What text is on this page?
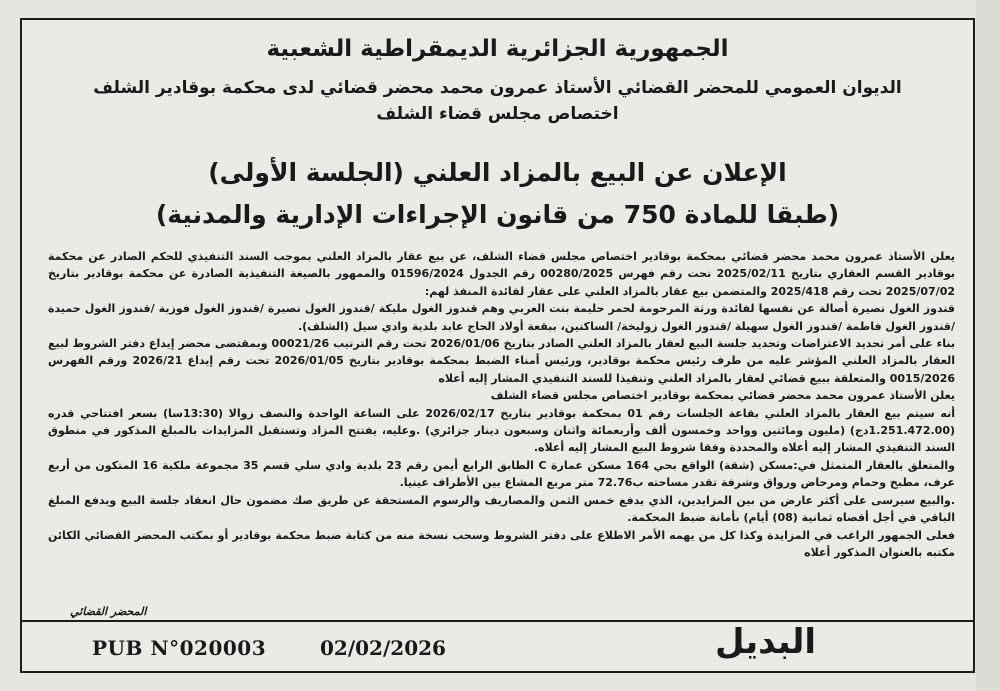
الجمهورية الجزائرية الديمقراطية الشعبية
الديوان العمومي للمحضر القضائي الأستاذ عمرون محمد محضر قضائي لدى محكمة بوقادير الشلف
اختصاص مجلس قضاء الشلف
الإعلان عن البيع بالمزاد العلني (الجلسة الأولى)
(طبقا للمادة 750 من قانون الإجراءات الإدارية والمدنية)

يعلن الأستاذ عمرون محمد محضر قضائي بمحكمة بوقادير اختصاص مجلس قضاء الشلف، عن بيع عقار بالمزاد العلني بموجب السند التنفيذي للحكم الصادر عن محكمة بوقادير القسم العقاري بتاريخ 2025/02/11 تحت رقم فهرس 00280/2025 رقم الجدول 01596/2024 والممهور بالصيغة التنفيذية الصادرة عن محكمة بوقادير بتاريخ 2025/07/02 تحت رقم 2025/418 والمتضمن بيع عقار بالمزاد العلني على عقار لفائدة المنفذ لهم:

قندوز الغول نصيرة أصالة عن نفسها لفائدة ورثة المرحومة لحمر حليمة بنت العربي وهم قندوز الغول مليكة /قندوز الغول نصيرة /قندوز الغول فوزية /قندوز الغول حميدة /قندوز الغول فاطمة /قندوز الغول سهيلة /قندوز الغول زوليخة/ الساكنين، ببقعة أولاد الحاج عابد بلدية وادي سيل (الشلف).

بناء على أمر تحديد الاعتراضات وتحديد جلسة البيع لعقار بالمزاد العلني الصادر بتاريخ 2026/01/06 تحت رقم الترتيب 00021/26 وبمقتضى محضر إيداع دفتر الشروط لبيع العقار بالمزاد العلني المؤشر عليه من طرف رئيس محكمة بوقادير، ورئيس أمناء الضبط بمحكمة بوقادير بتاريخ 2026/01/05 تحت رقم إيداع 2026/21 ورقم الفهرس 0015/2026 والمتعلقة ببيع قضائي لعقار بالمزاد العلني وتنفيذا للسند التنفيذي المشار إليه أعلاه

يعلن الأستاذ عمرون محمد محضر قضائي بمحكمة بوقادير اختصاص مجلس قضاء الشلف

أنه سيتم بيع العقار بالمزاد العلني بقاعة الجلسات رقم 01 بمحكمة بوقادير بتاريخ 2026/02/17 على الساعة الواحدة والنصف زوالا (13:30سا) بسعر افتتاحي قدره (1.251.472.00دج) (مليون ومائتين وواحد وخمسون ألف وأربعمائة واثنان وسبعون دينار جزائري) .وعليه، يفتتح المزاد وتستقبل المزايدات بالمبلغ المذكور في منطوق السند التنفيذي المشار إليه أعلاه والمحددة وفقا شروط البيع المشار إليه أعلاه.

والمتعلق بالعقار المتمثل في:مسكن (شقة) الواقع بحي 164 مسكن عمارة C الطابق الرابع أيمن رقم 23 بلدية وادي سلي قسم 35 مجموعة ملكية 16 المتكون من أربع عرف، مطبخ وحمام ومرحاض ورواق وشرفة تقدر مساحته ب72.76 متر مربع المشاع بين الأطراف عينيا.

.والبيع سيرسى على أكثر عارض من بين المزايدين، الذي يدفع خمس الثمن والمصاريف والرسوم المستحقة عن طريق صك مضمون حال انعقاد جلسة البيع ويدفع المبلغ الباقي في أجل أقصاه ثمانية (08) أيام) بأمانة ضبط المحكمة.

فعلى الجمهور الراغب في المزايدة وكذا كل من يهمه الأمر الاطلاع على دفتر الشروط وسحب نسخة منه من كتابة ضبط محكمة بوقادير أو بمكتب المحضر القضائي الكائن مكتبه بالعنوان المذكور أعلاه

المحضر القضائي
PUB N°020003	02/02/2026	البديل
